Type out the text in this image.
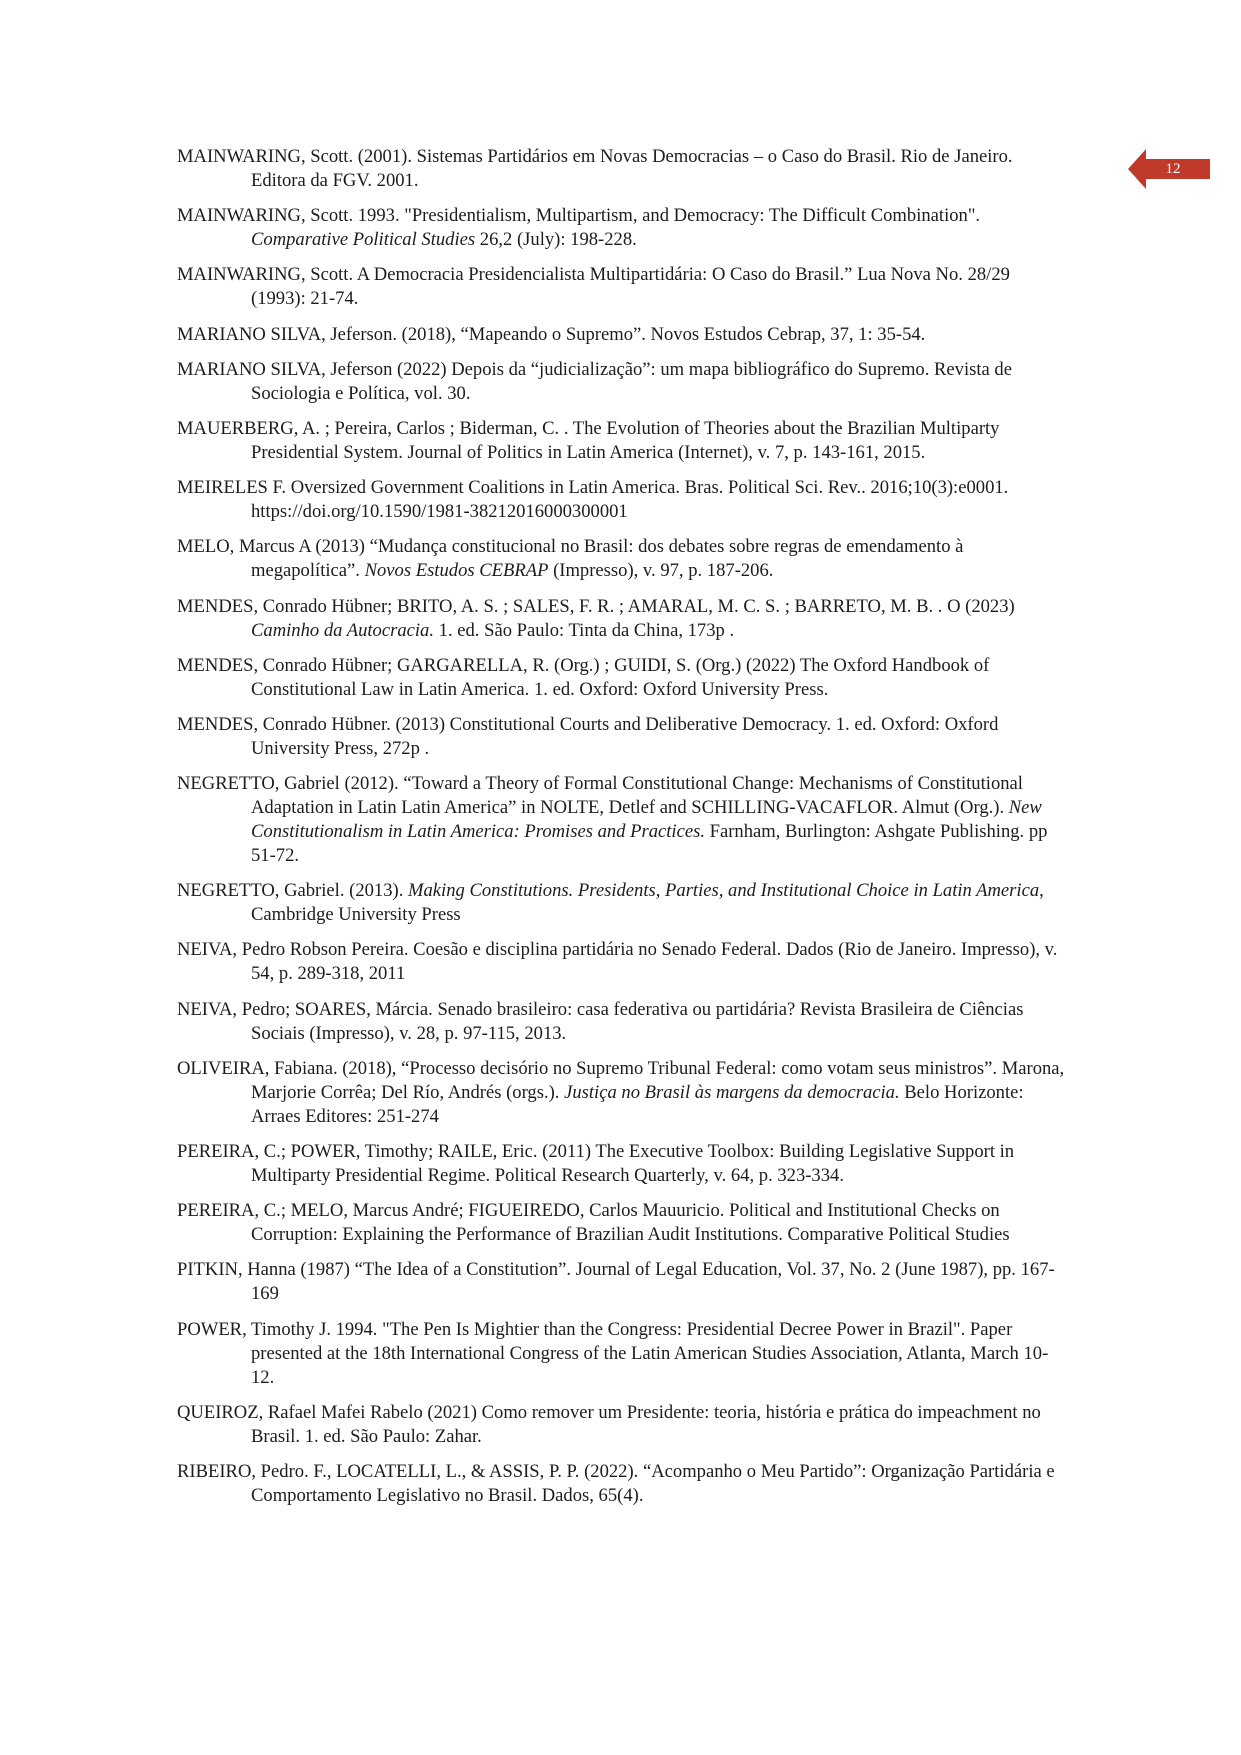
12

MAINWARING, Scott. (2001). Sistemas Partidários em Novas Democracias – o Caso do Brasil. Rio de Janeiro. Editora da FGV. 2001.

MAINWARING, Scott. 1993. "Presidentialism, Multipartism, and Democracy: The Difficult Combination". Comparative Political Studies 26,2 (July): 198-228.

MAINWARING, Scott. A Democracia Presidencialista Multipartidária: O Caso do Brasil.” Lua Nova No. 28/29 (1993): 21-74.

MARIANO SILVA, Jeferson. (2018), “Mapeando o Supremo”. Novos Estudos Cebrap, 37, 1: 35-54.

MARIANO SILVA, Jeferson (2022) Depois da “judicialização”: um mapa bibliográfico do Supremo. Revista de Sociologia e Política, vol. 30.

MAUERBERG, A. ; Pereira, Carlos ; Biderman, C. . The Evolution of Theories about the Brazilian Multiparty Presidential System. Journal of Politics in Latin America (Internet), v. 7, p. 143-161, 2015.

MEIRELES F. Oversized Government Coalitions in Latin America. Bras. Political Sci. Rev.. 2016;10(3):e0001. https://doi.org/10.1590/1981-38212016000300001

MELO, Marcus A (2013) “Mudança constitucional no Brasil: dos debates sobre regras de emendamento à megapolítica”. Novos Estudos CEBRAP (Impresso), v. 97, p. 187-206.

MENDES, Conrado Hübner; BRITO, A. S. ; SALES, F. R. ; AMARAL, M. C. S. ; BARRETO, M. B. . O (2023) Caminho da Autocracia. 1. ed. São Paulo: Tinta da China, 173p .

MENDES, Conrado Hübner; GARGARELLA, R. (Org.) ; GUIDI, S. (Org.) (2022) The Oxford Handbook of Constitutional Law in Latin America. 1. ed. Oxford: Oxford University Press.

MENDES, Conrado Hübner. (2013) Constitutional Courts and Deliberative Democracy. 1. ed. Oxford: Oxford University Press, 272p .

NEGRETTO, Gabriel (2012). “Toward a Theory of Formal Constitutional Change: Mechanisms of Constitutional Adaptation in Latin Latin America” in NOLTE, Detlef and SCHILLING-VACAFLOR. Almut (Org.). New Constitutionalism in Latin America: Promises and Practices. Farnham, Burlington: Ashgate Publishing. pp 51-72.

NEGRETTO, Gabriel. (2013). Making Constitutions. Presidents, Parties, and Institutional Choice in Latin America, Cambridge University Press

NEIVA, Pedro Robson Pereira. Coesão e disciplina partidária no Senado Federal. Dados (Rio de Janeiro. Impresso), v. 54, p. 289-318, 2011

NEIVA, Pedro; SOARES, Márcia. Senado brasileiro: casa federativa ou partidária? Revista Brasileira de Ciências Sociais (Impresso), v. 28, p. 97-115, 2013.

OLIVEIRA, Fabiana. (2018), “Processo decisório no Supremo Tribunal Federal: como votam seus ministros”. Marona, Marjorie Corrêa; Del Río, Andrés (orgs.). Justiça no Brasil às margens da democracia. Belo Horizonte: Arraes Editores: 251-274

PEREIRA, C.; POWER, Timothy; RAILE, Eric. (2011) The Executive Toolbox: Building Legislative Support in Multiparty Presidential Regime. Political Research Quarterly, v. 64, p. 323-334.

PEREIRA, C.; MELO, Marcus André; FIGUEIREDO, Carlos Mauuricio. Political and Institutional Checks on Corruption: Explaining the Performance of Brazilian Audit Institutions. Comparative Political Studies

PITKIN, Hanna (1987) “The Idea of a Constitution”. Journal of Legal Education, Vol. 37, No. 2 (June 1987), pp. 167-169

POWER, Timothy J. 1994. "The Pen Is Mightier than the Congress: Presidential Decree Power in Brazil". Paper presented at the 18th International Congress of the Latin American Studies Association, Atlanta, March 10-12.

QUEIROZ, Rafael Mafei Rabelo (2021) Como remover um Presidente: teoria, história e prática do impeachment no Brasil. 1. ed. São Paulo: Zahar.

RIBEIRO, Pedro. F., LOCATELLI, L., & ASSIS, P. P. (2022). “Acompanho o Meu Partido”: Organização Partidária e Comportamento Legislativo no Brasil. Dados, 65(4).
